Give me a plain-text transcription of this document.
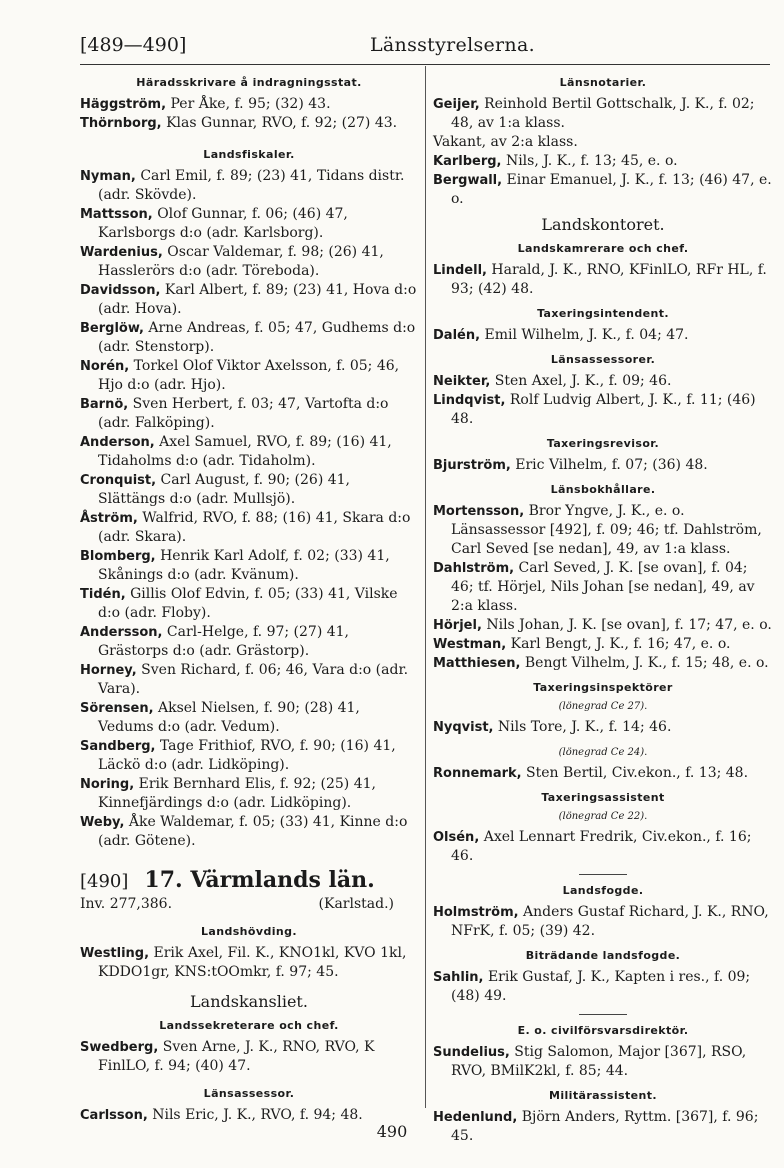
[489—490]	Länsstyrelserna.
Häradsskrivare å indragningsstat.
Häggström, Per Åke, f. 95; (32) 43.
Thörnborg, Klas Gunnar, RVO, f. 92; (27) 43.
Landsfiskaler.
Nyman, Carl Emil, f. 89; (23) 41, Tidans distr. (adr. Skövde).
Mattsson, Olof Gunnar, f. 06; (46) 47, Karlsborgs d:o (adr. Karlsborg).
Wardenius, Oscar Valdemar, f. 98; (26) 41, Hasslerörs d:o (adr. Töreboda).
Davidsson, Karl Albert, f. 89; (23) 41, Hova d:o (adr. Hova).
Berglöw, Arne Andreas, f. 05; 47, Gudhems d:o (adr. Stenstorp).
Norén, Torkel Olof Viktor Axelsson, f. 05; 46, Hjo d:o (adr. Hjo).
Barnö, Sven Herbert, f. 03; 47, Vartofta d:o (adr. Falköping).
Anderson, Axel Samuel, RVO, f. 89; (16) 41, Tidaholms d:o (adr. Tidaholm).
Cronquist, Carl August, f. 90; (26) 41, Slättängs d:o (adr. Mullsjö).
Åström, Walfrid, RVO, f. 88; (16) 41, Skara d:o (adr. Skara).
Blomberg, Henrik Karl Adolf, f. 02; (33) 41, Skånings d:o (adr. Kvänum).
Tidén, Gillis Olof Edvin, f. 05; (33) 41, Vilske d:o (adr. Floby).
Andersson, Carl-Helge, f. 97; (27) 41, Grästorps d:o (adr. Grästorp).
Horney, Sven Richard, f. 06; 46, Vara d:o (adr. Vara).
Sörensen, Aksel Nielsen, f. 90; (28) 41, Vedums d:o (adr. Vedum).
Sandberg, Tage Frithiof, RVO, f. 90; (16) 41, Läckö d:o (adr. Lidköping).
Noring, Erik Bernhard Elis, f. 92; (25) 41, Kinnefjärdings d:o (adr. Lidköping).
Weby, Åke Waldemar, f. 05; (33) 41, Kinne d:o (adr. Götene).
[490] 17. Värmlands län.
Inv. 277,386.	(Karlstad.)
Landshövding.
Westling, Erik Axel, Fil. K., KNO1kl, KVO 1kl, KDDO1gr, KNS:tOOmkr, f. 97; 45.
Landskansliet.
Landssekreterare och chef.
Swedberg, Sven Arne, J. K., RNO, RVO, K FinlLO, f. 94; (40) 47.
Länsassessor.
Carlsson, Nils Eric, J. K., RVO, f. 94; 48.
Länsnotarier.
Geijer, Reinhold Bertil Gottschalk, J. K., f. 02; 48, av 1:a klass.
Vakant, av 2:a klass.
Karlberg, Nils, J. K., f. 13; 45, e. o.
Bergwall, Einar Emanuel, J. K., f. 13; (46) 47, e. o.
Landskontoret.
Landskamrerare och chef.
Lindell, Harald, J. K., RNO, KFinlLO, RFr HL, f. 93; (42) 48.
Taxeringsintendent.
Dalén, Emil Wilhelm, J. K., f. 04; 47.
Länsassessorer.
Neikter, Sten Axel, J. K., f. 09; 46.
Lindqvist, Rolf Ludvig Albert, J. K., f. 11; (46) 48.
Taxeringsrevisor.
Bjurström, Eric Vilhelm, f. 07; (36) 48.
Länsbokhållare.
Mortensson, Bror Yngve, J. K., e. o. Länsassessor [492], f. 09; 46; tf. Dahlström, Carl Seved [se nedan], 49, av 1:a klass.
Dahlström, Carl Seved, J. K. [se ovan], f. 04; 46; tf. Hörjel, Nils Johan [se nedan], 49, av 2:a klass.
Hörjel, Nils Johan, J. K. [se ovan], f. 17; 47, e. o.
Westman, Karl Bengt, J. K., f. 16; 47, e. o.
Matthiesen, Bengt Vilhelm, J. K., f. 15; 48, e. o.
Taxeringsinspektörer
(lönegrad Ce 27).
Nyqvist, Nils Tore, J. K., f. 14; 46.
(lönegrad Ce 24).
Ronnemark, Sten Bertil, Civ.ekon., f. 13; 48.
Taxeringsassistent
(lönegrad Ce 22).
Olsén, Axel Lennart Fredrik, Civ.ekon., f. 16; 46.
Landsfogde.
Holmström, Anders Gustaf Richard, J. K., RNO, NFrK, f. 05; (39) 42.
Biträdande landsfogde.
Sahlin, Erik Gustaf, J. K., Kapten i res., f. 09; (48) 49.
E. o. civilförsvarsdirektör.
Sundelius, Stig Salomon, Major [367], RSO, RVO, BMilK2kl, f. 85; 44.
Militärassistent.
Hedenlund, Björn Anders, Ryttm. [367], f. 96; 45.
490
